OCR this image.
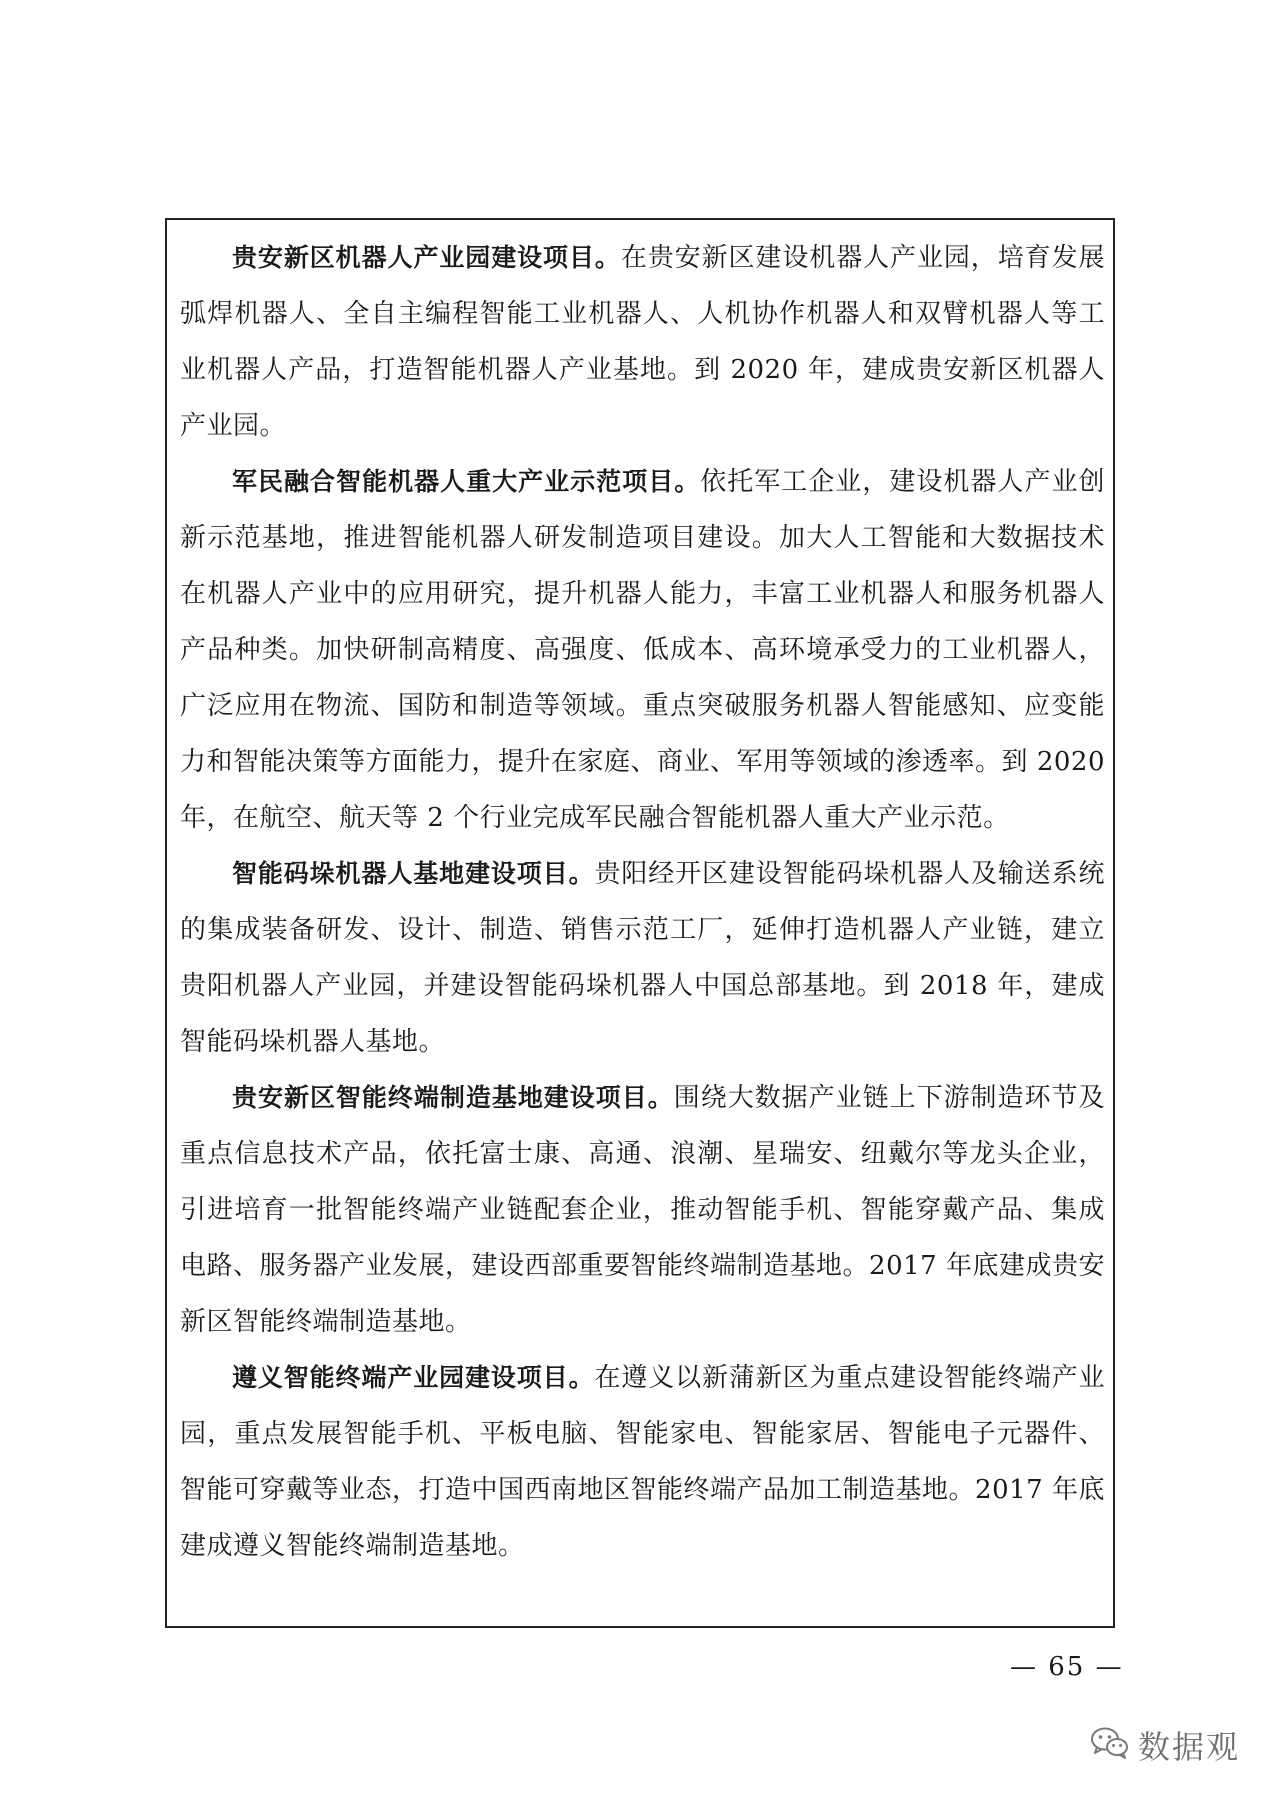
贵安新区机器人产业园建设项目。在贵安新区建设机器人产业园，培育发展弧焊机器人、全自主编程智能工业机器人、人机协作机器人和双臂机器人等工业机器人产品，打造智能机器人产业基地。到 2020 年，建成贵安新区机器人产业园。

军民融合智能机器人重大产业示范项目。依托军工企业，建设机器人产业创新示范基地，推进智能机器人研发制造项目建设。加大人工智能和大数据技术在机器人产业中的应用研究，提升机器人能力，丰富工业机器人和服务机器人产品种类。加快研制高精度、高强度、低成本、高环境承受力的工业机器人，广泛应用在物流、国防和制造等领域。重点突破服务机器人智能感知、应变能力和智能决策等方面能力，提升在家庭、商业、军用等领域的渗透率。到 2020 年，在航空、航天等 2 个行业完成军民融合智能机器人重大产业示范。

智能码垛机器人基地建设项目。贵阳经开区建设智能码垛机器人及输送系统的集成装备研发、设计、制造、销售示范工厂，延伸打造机器人产业链，建立贵阳机器人产业园，并建设智能码垛机器人中国总部基地。到 2018 年，建成智能码垛机器人基地。

贵安新区智能终端制造基地建设项目。围绕大数据产业链上下游制造环节及重点信息技术产品，依托富士康、高通、浪潮、星瑞安、纽戴尔等龙头企业，引进培育一批智能终端产业链配套企业，推动智能手机、智能穿戴产品、集成电路、服务器产业发展，建设西部重要智能终端制造基地。2017 年底建成贵安新区智能终端制造基地。

遵义智能终端产业园建设项目。在遵义以新蒲新区为重点建设智能终端产业园，重点发展智能手机、平板电脑、智能家电、智能家居、智能电子元器件、智能可穿戴等业态，打造中国西南地区智能终端产品加工制造基地。2017 年底建成遵义智能终端制造基地。

— 65 —
数据观
